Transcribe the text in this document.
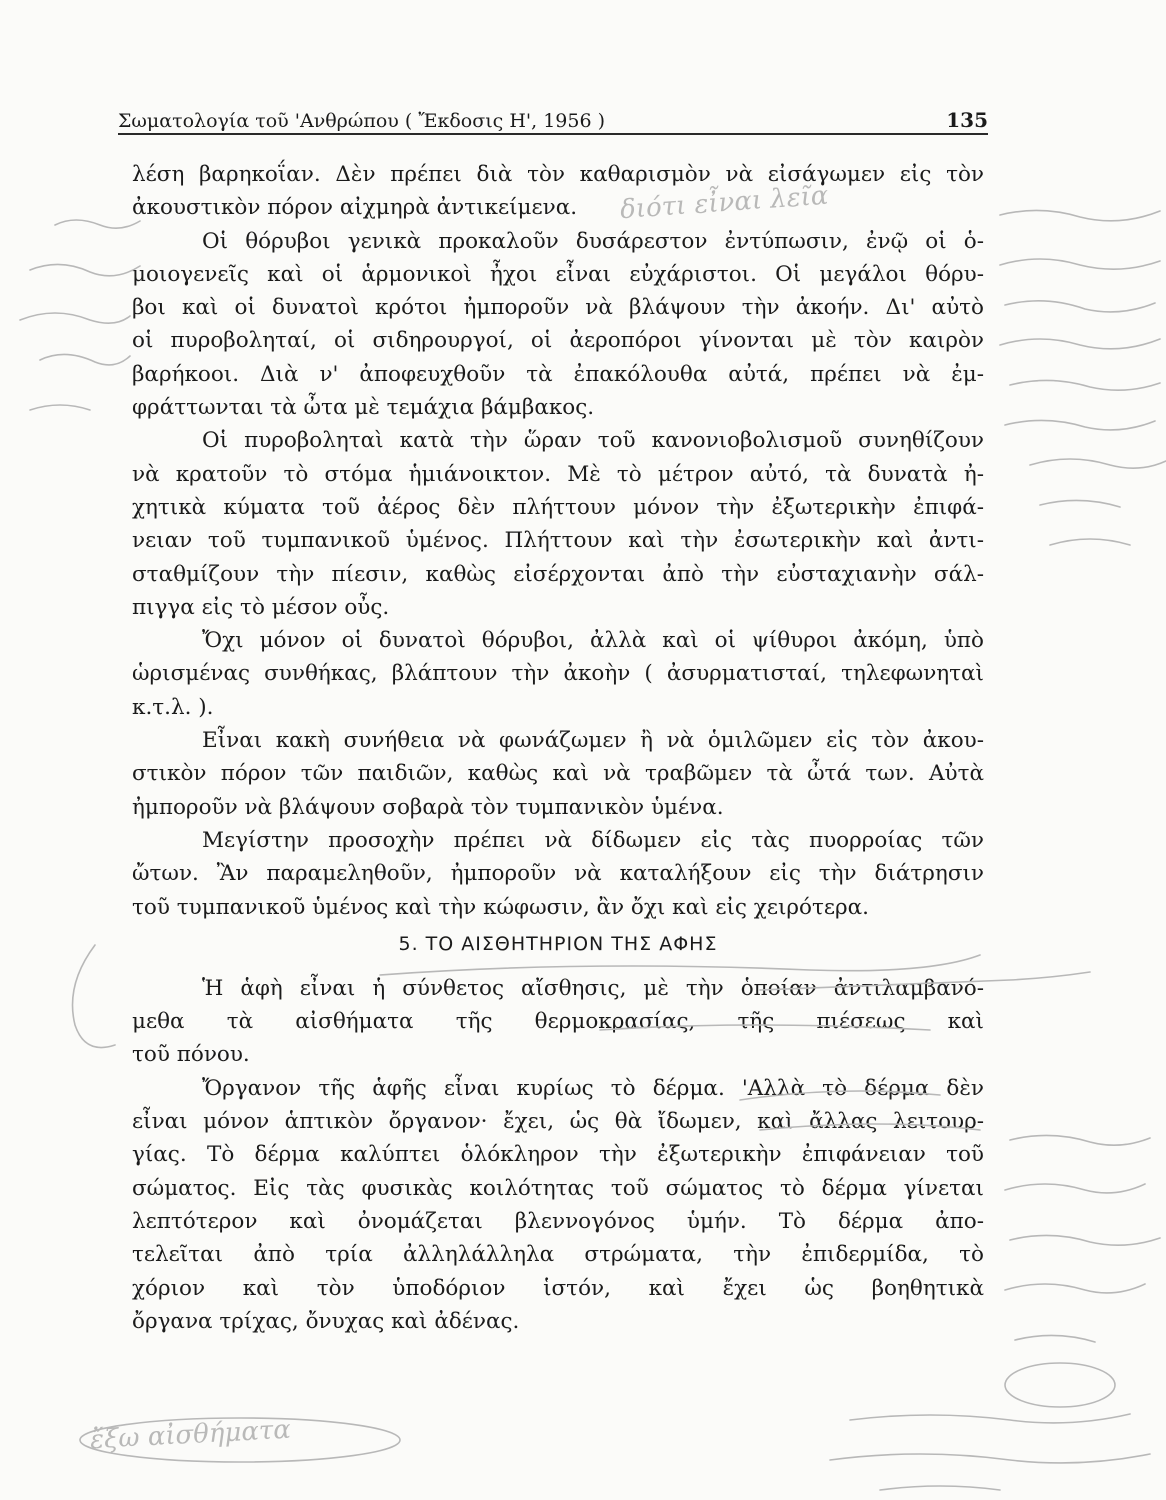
Σωματολογία τοῦ 'Ανθρώπου ( Ἔκδοσις Η', 1956 )	135
λέση βαρηκοΐαν. Δὲν πρέπει διὰ τὸν καθαρισμὸν νὰ εἰσάγωμεν εἰς τὸν
ἀκουστικὸν πόρον αἰχμηρὰ ἀντικείμενα.
Οἱ θόρυβοι γενικὰ προκαλοῦν δυσάρεστον ἐντύπωσιν, ἐνῷ οἱ ὁ-
μοιογενεῖς καὶ οἱ ἁρμονικοὶ ἦχοι εἶναι εὐχάριστοι. Οἱ μεγάλοι θόρυ-
βοι καὶ οἱ δυνατοὶ κρότοι ἠμποροῦν νὰ βλάψουν τὴν ἀκοήν. Δι' αὐτὸ
οἱ πυροβοληταί, οἱ σιδηρουργοί, οἱ ἀεροπόροι γίνονται μὲ τὸν καιρὸν
βαρήκοοι. Διὰ ν' ἀποφευχθοῦν τὰ ἐπακόλουθα αὐτά, πρέπει νὰ ἐμ-
φράττωνται τὰ ὦτα μὲ τεμάχια βάμβακος.
Οἱ πυροβοληταὶ κατὰ τὴν ὥραν τοῦ κανονιοβολισμοῦ συνηθίζουν
νὰ κρατοῦν τὸ στόμα ἡμιάνοικτον. Μὲ τὸ μέτρον αὐτό, τὰ δυνατὰ ἠ-
χητικὰ κύματα τοῦ ἀέρος δὲν πλήττουν μόνον τὴν ἐξωτερικὴν ἐπιφά-
νειαν τοῦ τυμπανικοῦ ὑμένος. Πλήττουν καὶ τὴν ἐσωτερικὴν καὶ ἀντι-
σταθμίζουν τὴν πίεσιν, καθὼς εἰσέρχονται ἀπὸ τὴν εὐσταχιανὴν σάλ-
πιγγα εἰς τὸ μέσον οὖς.
Ὄχι μόνον οἱ δυνατοὶ θόρυβοι, ἀλλὰ καὶ οἱ ψίθυροι ἀκόμη, ὑπὸ
ὡρισμένας συνθήκας, βλάπτουν τὴν ἀκοὴν ( ἀσυρματισταί, τηλεφωνηταὶ
κ.τ.λ. ).
Εἶναι κακὴ συνήθεια νὰ φωνάζωμεν ἢ νὰ ὁμιλῶμεν εἰς τὸν ἀκου-
στικὸν πόρον τῶν παιδιῶν, καθὼς καὶ νὰ τραβῶμεν τὰ ὦτά των. Αὐτὰ
ἠμποροῦν νὰ βλάψουν σοβαρὰ τὸν τυμπανικὸν ὑμένα.
Μεγίστην προσοχὴν πρέπει νὰ δίδωμεν εἰς τὰς πυορροίας τῶν
ὤτων. Ἂν παραμεληθοῦν, ἠμποροῦν νὰ καταλήξουν εἰς τὴν διάτρησιν
τοῦ τυμπανικοῦ ὑμένος καὶ τὴν κώφωσιν, ἂν ὄχι καὶ εἰς χειρότερα.
5. ΤΟ ΑΙΣΘΗΤΗΡΙΟΝ ΤΗΣ ΑΦΗΣ
Ἡ ἁφὴ εἶναι ἡ σύνθετος αἴσθησις, μὲ τὴν ὁποίαν ἀντιλαμβανό-
μεθα τὰ αἰσθήματα τῆς θερμοκρασίας, τῆς πιέσεως καὶ
τοῦ πόνου.
Ὄργανον τῆς ἁφῆς εἶναι κυρίως τὸ δέρμα. 'Αλλὰ τὸ δέρμα δὲν
εἶναι μόνον ἁπτικὸν ὄργανον· ἔχει, ὡς θὰ ἴδωμεν, καὶ ἄλλας λειτουρ-
γίας. Τὸ δέρμα καλύπτει ὁλόκληρον τὴν ἐξωτερικὴν ἐπιφάνειαν τοῦ
σώματος. Εἰς τὰς φυσικὰς κοιλότητας τοῦ σώματος τὸ δέρμα γίνεται
λεπτότερον καὶ ὀνομάζεται βλεννογόνος ὑμήν. Τὸ δέρμα ἀπο-
τελεῖται ἀπὸ τρία ἀλληλάλληλα στρώματα, τὴν ἐπιδερμίδα, τὸ
χόριον καὶ τὸν ὑποδόριον ἱστόν, καὶ ἔχει ὡς βοηθητικὰ
ὄργανα τρίχας, ὄνυχας καὶ ἀδένας.
διότι εἶναι λεῖα
ἔξω αἰσθήματα
